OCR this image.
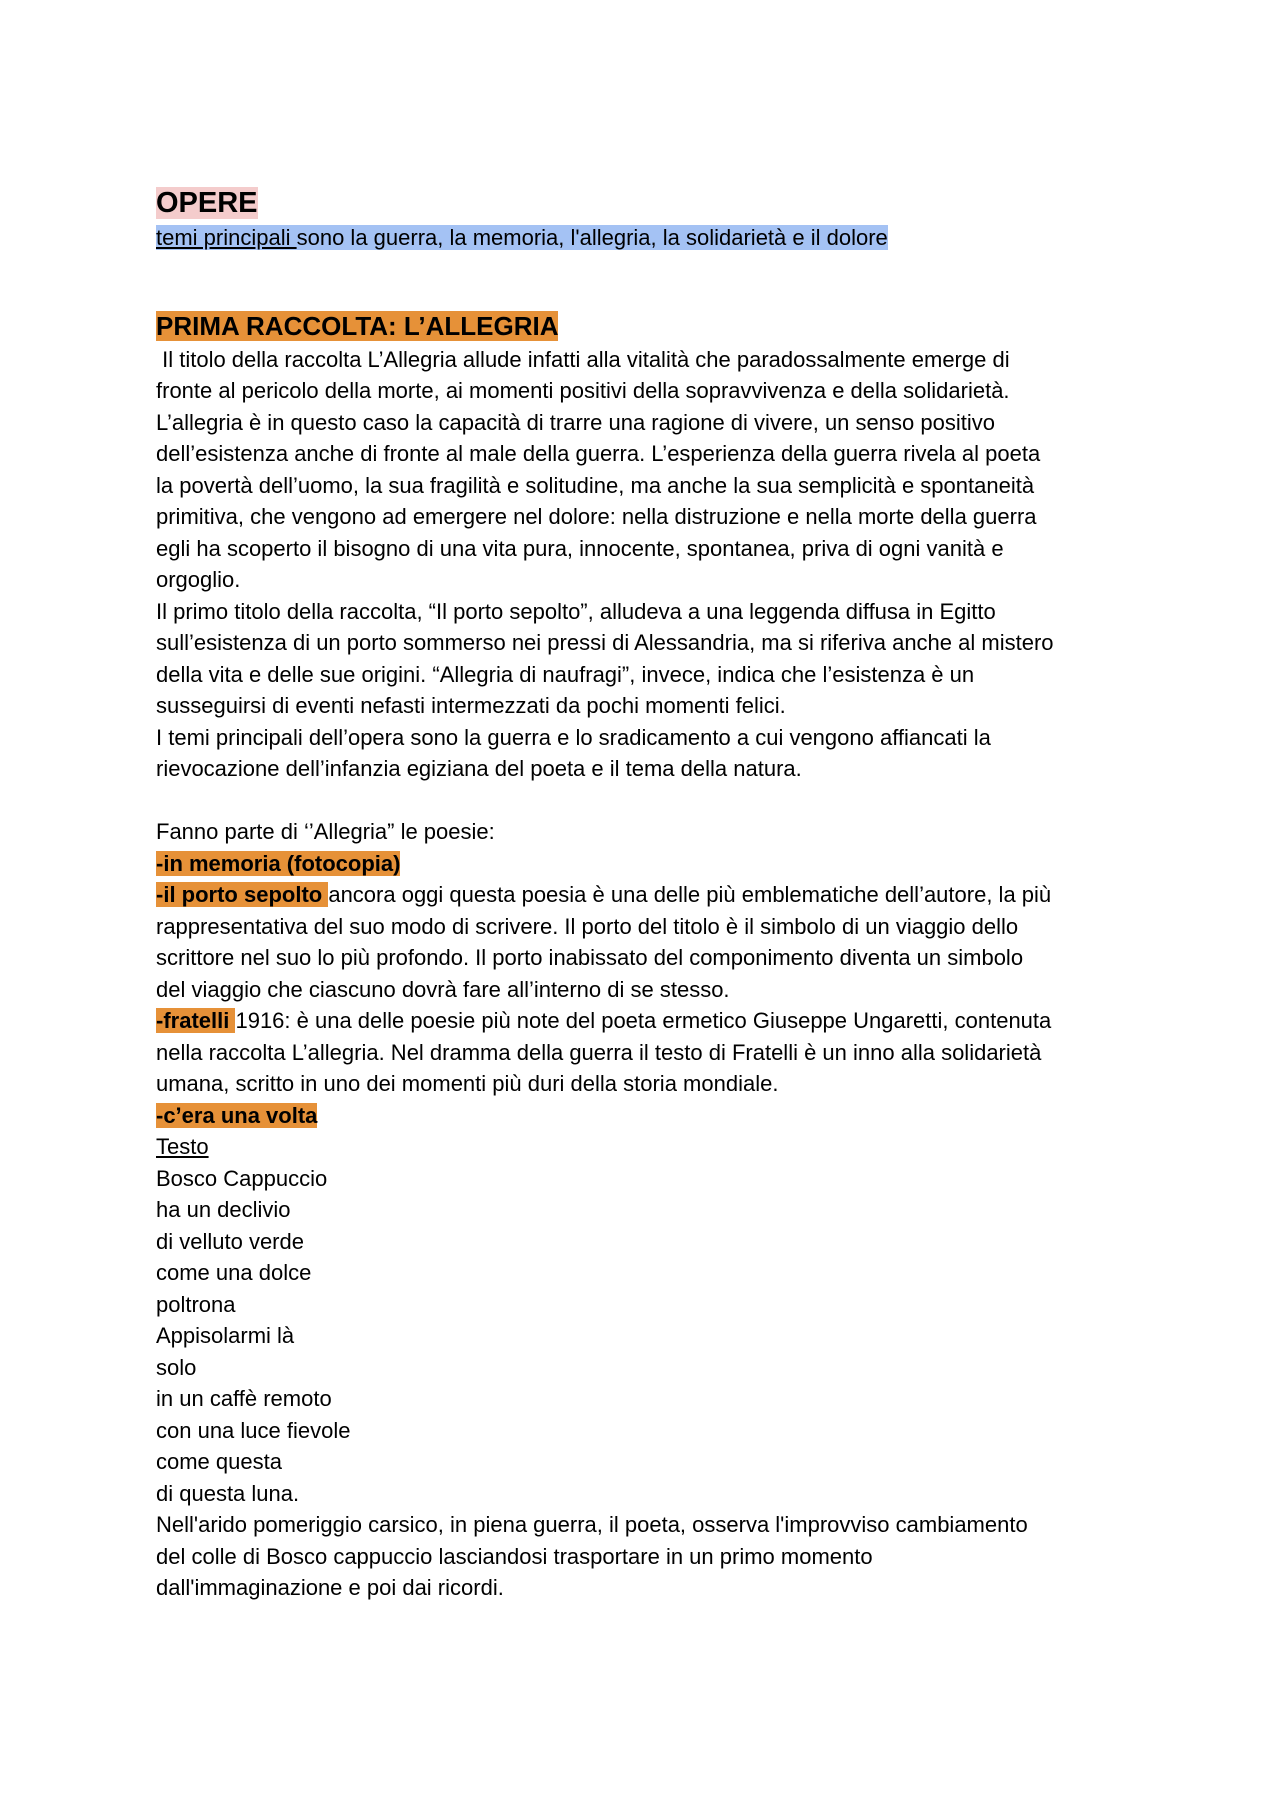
OPERE
temi principali sono la guerra, la memoria, l'allegria, la solidarietà e il dolore
PRIMA RACCOLTA: L’ALLEGRIA
Il titolo della raccolta L’Allegria allude infatti alla vitalità che paradossalmente emerge di
fronte al pericolo della morte, ai momenti positivi della sopravvivenza e della solidarietà.
L’allegria è in questo caso la capacità di trarre una ragione di vivere, un senso positivo
dell’esistenza anche di fronte al male della guerra. L’esperienza della guerra rivela al poeta
la povertà dell’uomo, la sua fragilità e solitudine, ma anche la sua semplicità e spontaneità
primitiva, che vengono ad emergere nel dolore: nella distruzione e nella morte della guerra
egli ha scoperto il bisogno di una vita pura, innocente, spontanea, priva di ogni vanità e
orgoglio.
Il primo titolo della raccolta, “Il porto sepolto”, alludeva a una leggenda diffusa in Egitto
sull’esistenza di un porto sommerso nei pressi di Alessandria, ma si riferiva anche al mistero
della vita e delle sue origini. “Allegria di naufragi”, invece, indica che l’esistenza è un
susseguirsi di eventi nefasti intermezzati da pochi momenti felici.
I temi principali dell’opera sono la guerra e lo sradicamento a cui vengono affiancati la
rievocazione dell’infanzia egiziana del poeta e il tema della natura.
Fanno parte di ‘’Allegria” le poesie:
-in memoria (fotocopia)
-il porto sepolto ancora oggi questa poesia è una delle più emblematiche dell’autore, la più
rappresentativa del suo modo di scrivere. Il porto del titolo è il simbolo di un viaggio dello
scrittore nel suo lo più profondo. Il porto inabissato del componimento diventa un simbolo
del viaggio che ciascuno dovrà fare all’interno di se stesso.
-fratelli 1916: è una delle poesie più note del poeta ermetico Giuseppe Ungaretti, contenuta
nella raccolta L’allegria. Nel dramma della guerra il testo di Fratelli è un inno alla solidarietà
umana, scritto in uno dei momenti più duri della storia mondiale.
-c’era una volta
Testo
Bosco Cappuccio
ha un declivio
di velluto verde
come una dolce
poltrona
Appisolarmi là
solo
in un caffè remoto
con una luce fievole
come questa
di questa luna.
Nell'arido pomeriggio carsico, in piena guerra, il poeta, osserva l'improvviso cambiamento
del colle di Bosco cappuccio lasciandosi trasportare in un primo momento
dall'immaginazione e poi dai ricordi.
